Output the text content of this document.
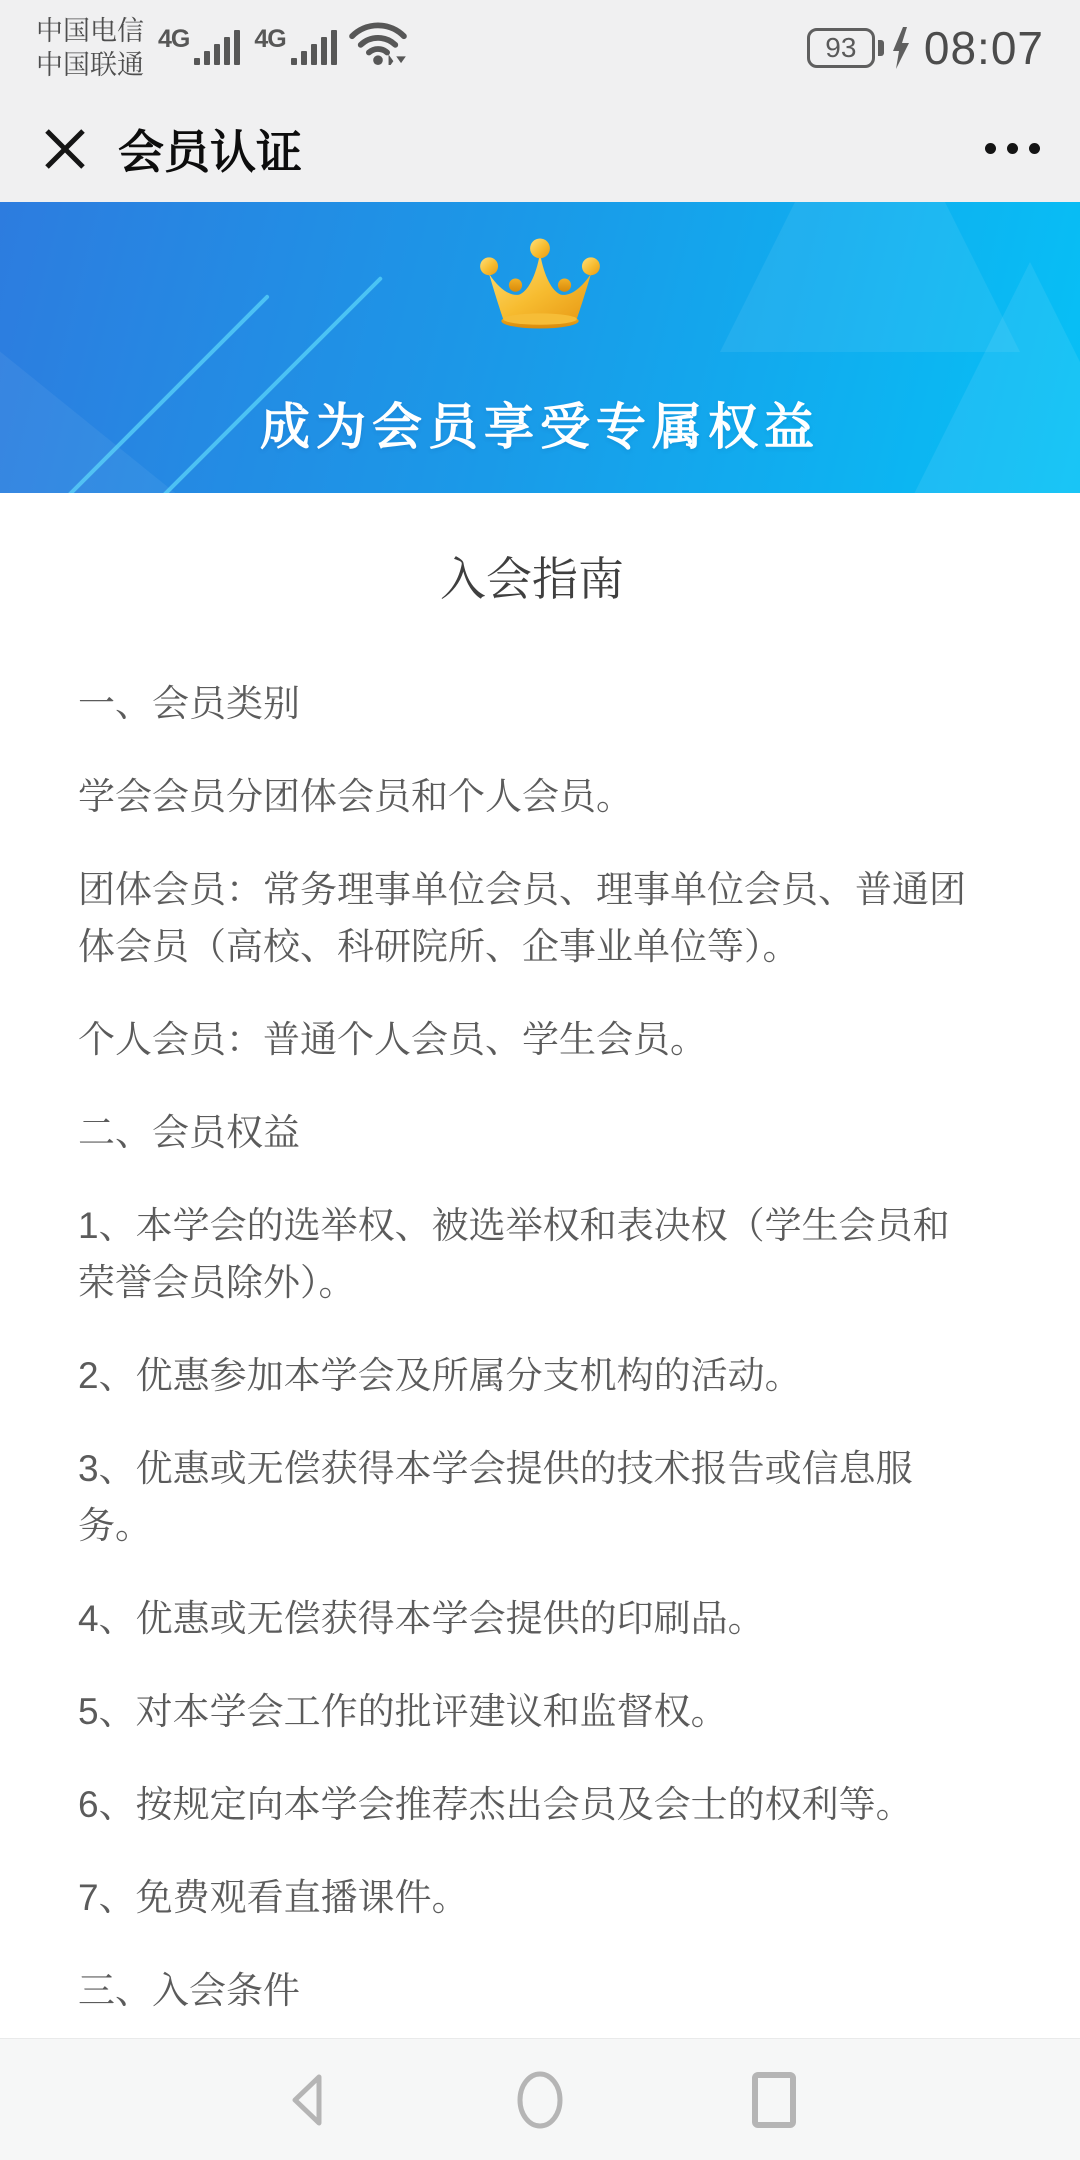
中国电信
中国联通
4G	4G	93 08:07
会员认证
成为会员享受专属权益
入会指南

一、会员类别

学会会员分团体会员和个人会员。

团体会员：常务理事单位会员、理事单位会员、普通团体会员（高校、科研院所、企事业单位等）。

个人会员：普通个人会员、学生会员。

二、会员权益

1、本学会的选举权、被选举权和表决权（学生会员和荣誉会员除外）。

2、优惠参加本学会及所属分支机构的活动。

3、优惠或无偿获得本学会提供的技术报告或信息服务。

4、优惠或无偿获得本学会提供的印刷品。

5、对本学会工作的批评建议和监督权。

6、按规定向本学会推荐杰出会员及会士的权利等。

7、免费观看直播课件。

三、入会条件
